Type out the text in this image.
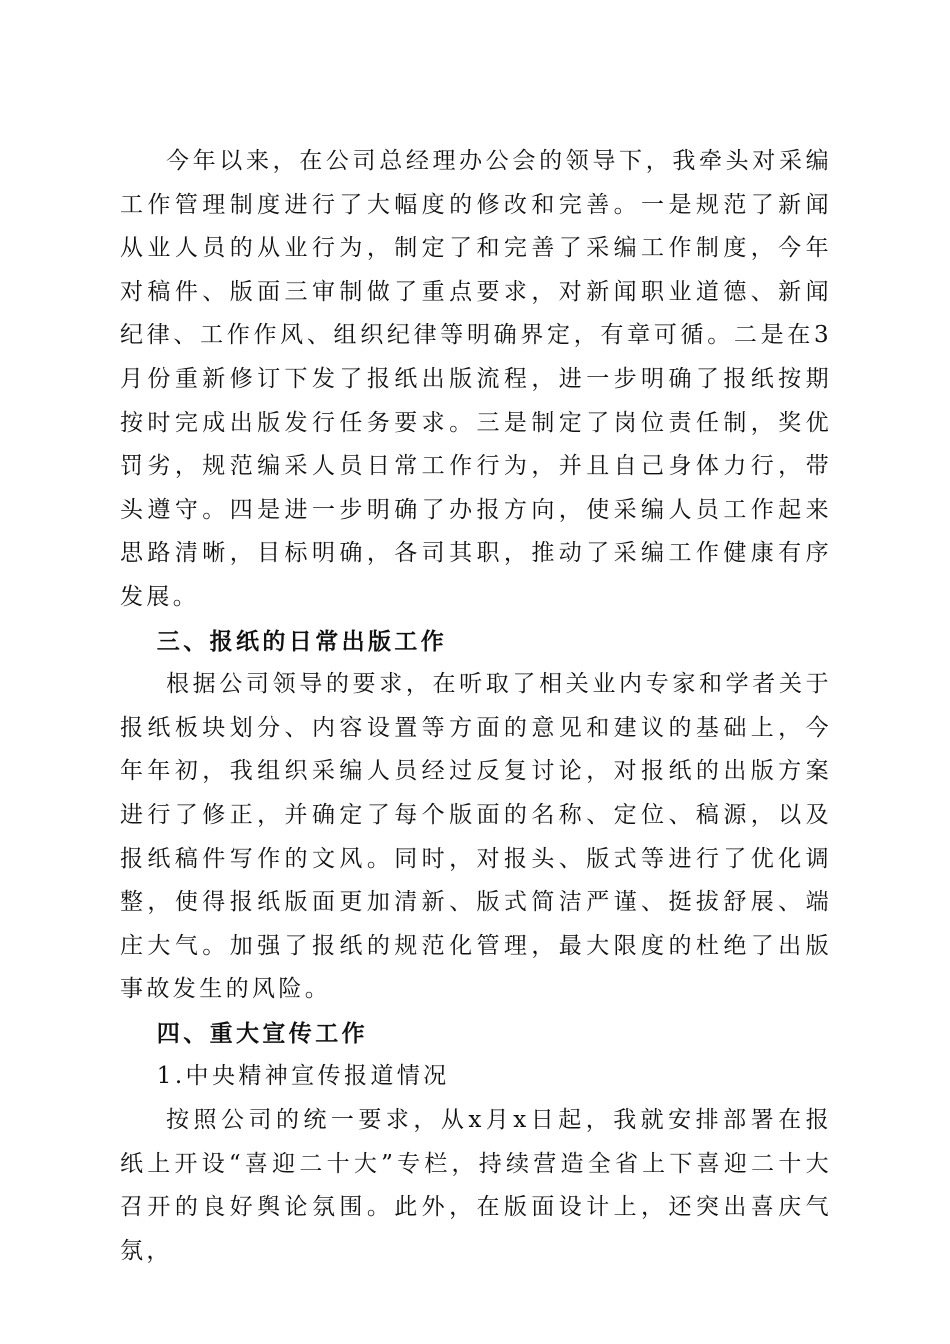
今年以来，在公司总经理办公会的领导下，我牵头对采编工作管理制度进行了大幅度的修改和完善。一是规范了新闻从业人员的从业行为，制定了和完善了采编工作制度，今年对稿件、版面三审制做了重点要求，对新闻职业道德、新闻纪律、工作作风、组织纪律等明确界定，有章可循。二是在3月份重新修订下发了报纸出版流程，进一步明确了报纸按期按时完成出版发行任务要求。三是制定了岗位责任制，奖优罚劣，规范编采人员日常工作行为，并且自己身体力行，带头遵守。四是进一步明确了办报方向，使采编人员工作起来思路清晰，目标明确，各司其职，推动了采编工作健康有序发展。

三、报纸的日常出版工作

根据公司领导的要求，在听取了相关业内专家和学者关于报纸板块划分、内容设置等方面的意见和建议的基础上，今年年初，我组织采编人员经过反复讨论，对报纸的出版方案进行了修正，并确定了每个版面的名称、定位、稿源，以及报纸稿件写作的文风。同时，对报头、版式等进行了优化调整，使得报纸版面更加清新、版式简洁严谨、挺拔舒展、端庄大气。加强了报纸的规范化管理，最大限度的杜绝了出版事故发生的风险。

四、重大宣传工作

1.中央精神宣传报道情况

按照公司的统一要求，从x月x日起，我就安排部署在报纸上开设“喜迎二十大”专栏，持续营造全省上下喜迎二十大召开的良好舆论氛围。此外，在版面设计上，还突出喜庆气氛，
